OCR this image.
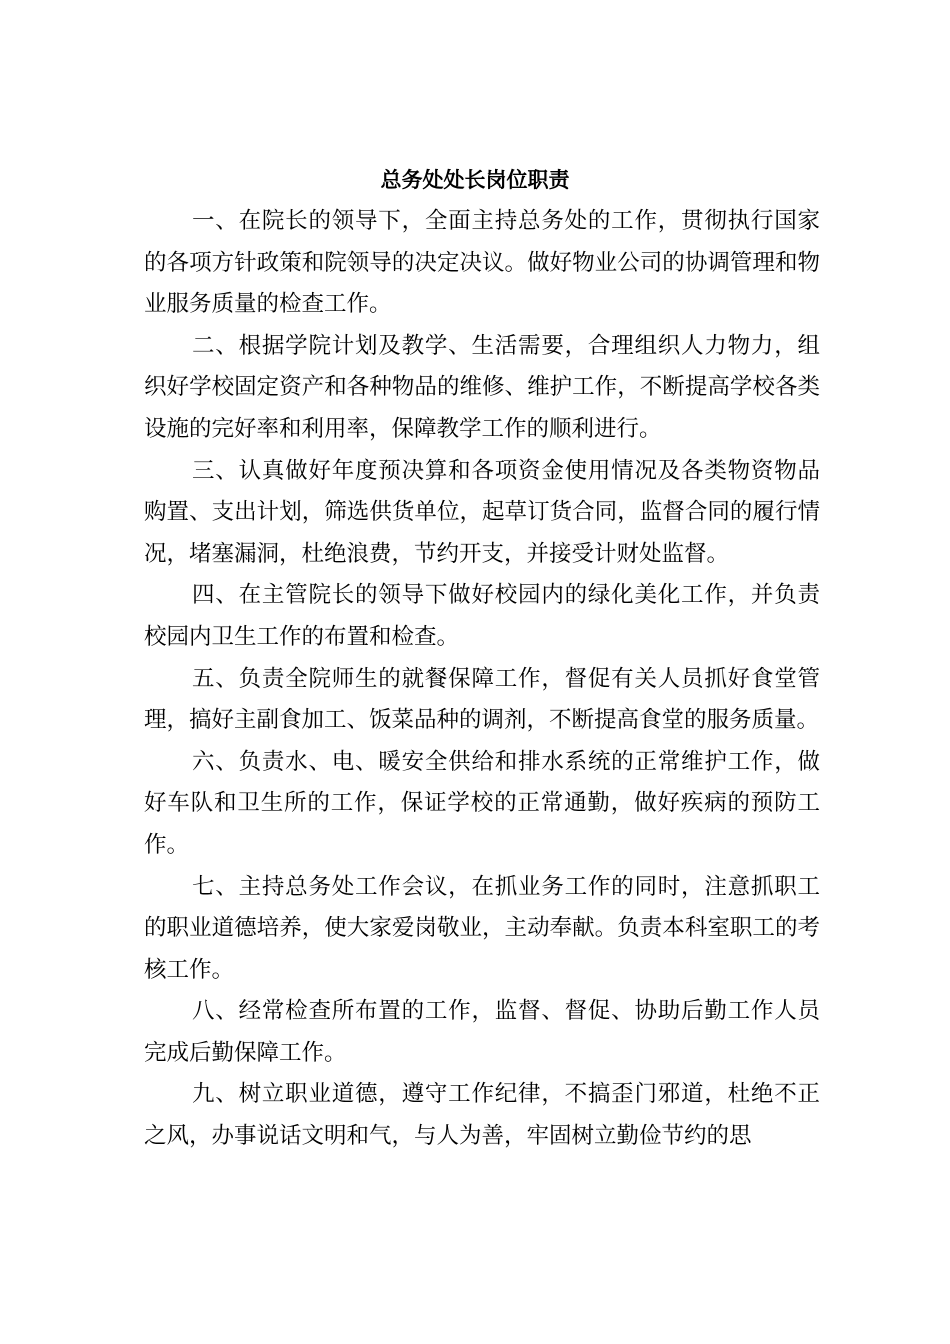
总务处处长岗位职责

一、在院长的领导下，全面主持总务处的工作，贯彻执行国家的各项方针政策和院领导的决定决议。做好物业公司的协调管理和物业服务质量的检查工作。

二、根据学院计划及教学、生活需要，合理组织人力物力，组织好学校固定资产和各种物品的维修、维护工作，不断提高学校各类设施的完好率和利用率，保障教学工作的顺利进行。

三、认真做好年度预决算和各项资金使用情况及各类物资物品购置、支出计划，筛选供货单位，起草订货合同，监督合同的履行情况，堵塞漏洞，杜绝浪费，节约开支，并接受计财处监督。

四、在主管院长的领导下做好校园内的绿化美化工作，并负责校园内卫生工作的布置和检查。

五、负责全院师生的就餐保障工作，督促有关人员抓好食堂管理，搞好主副食加工、饭菜品种的调剂，不断提高食堂的服务质量。

六、负责水、电、暖安全供给和排水系统的正常维护工作，做好车队和卫生所的工作，保证学校的正常通勤，做好疾病的预防工作。

七、主持总务处工作会议，在抓业务工作的同时，注意抓职工的职业道德培养，使大家爱岗敬业，主动奉献。负责本科室职工的考核工作。

八、经常检查所布置的工作，监督、督促、协助后勤工作人员完成后勤保障工作。

九、树立职业道德，遵守工作纪律，不搞歪门邪道，杜绝不正之风，办事说话文明和气，与人为善，牢固树立勤俭节约的思
